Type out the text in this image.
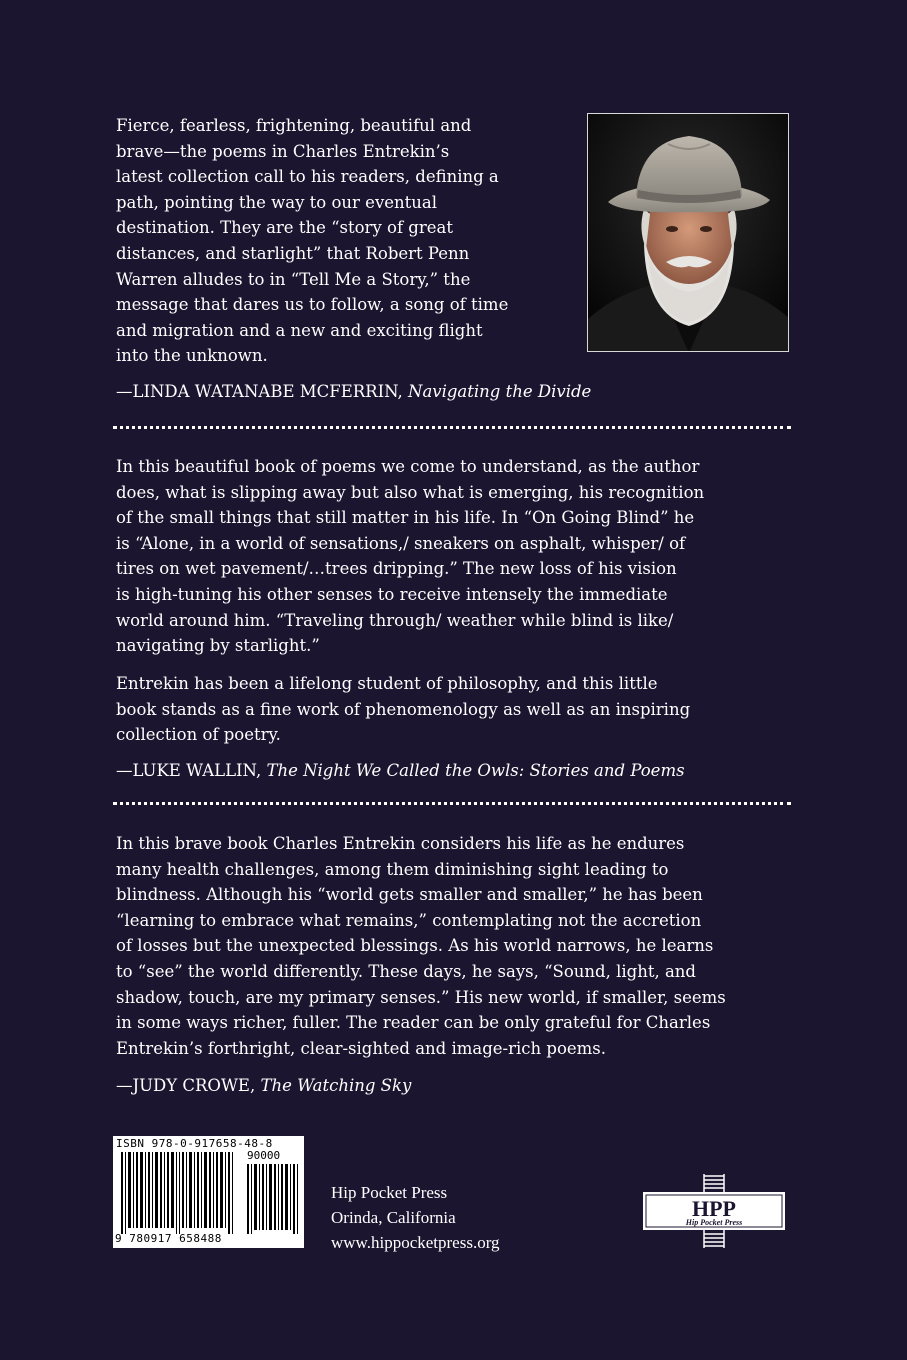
Fierce, fearless, frightening, beautiful and
brave—the poems in Charles Entrekin’s
latest collection call to his readers, defining a
path, pointing the way to our eventual
destination. They are the “story of great
distances, and starlight” that Robert Penn
Warren alludes to in “Tell Me a Story,” the
message that dares us to follow, a song of time
and migration and a new and exciting flight
into the unknown.
—LINDA WATANABE MCFERRIN, Navigating the Divide
In this beautiful book of poems we come to understand, as the author
does, what is slipping away but also what is emerging, his recognition
of the small things that still matter in his life. In “On Going Blind” he
is “Alone, in a world of sensations,/ sneakers on asphalt, whisper/ of
tires on wet pavement/…trees dripping.” The new loss of his vision
is high-tuning his other senses to receive intensely the immediate
world around him. “Traveling through/ weather while blind is like/
navigating by starlight.”
Entrekin has been a lifelong student of philosophy, and this little
book stands as a fine work of phenomenology as well as an inspiring
collection of poetry.
—LUKE WALLIN, The Night We Called the Owls: Stories and Poems
In this brave book Charles Entrekin considers his life as he endures
many health challenges, among them diminishing sight leading to
blindness. Although his “world gets smaller and smaller,” he has been
“learning to embrace what remains,” contemplating not the accretion
of losses but the unexpected blessings. As his world narrows, he learns
to “see” the world differently. These days, he says, “Sound, light, and
shadow, touch, are my primary senses.” His new world, if smaller, seems
in some ways richer, fuller. The reader can be only grateful for Charles
Entrekin’s forthright, clear-sighted and image-rich poems.
—JUDY CROWE, The Watching Sky
ISBN 978-0-917658-48-8
90000
9 780917 658488
Hip Pocket Press
Orinda, California
www.hippocketpress.org
HPP
Hip Pocket Press
